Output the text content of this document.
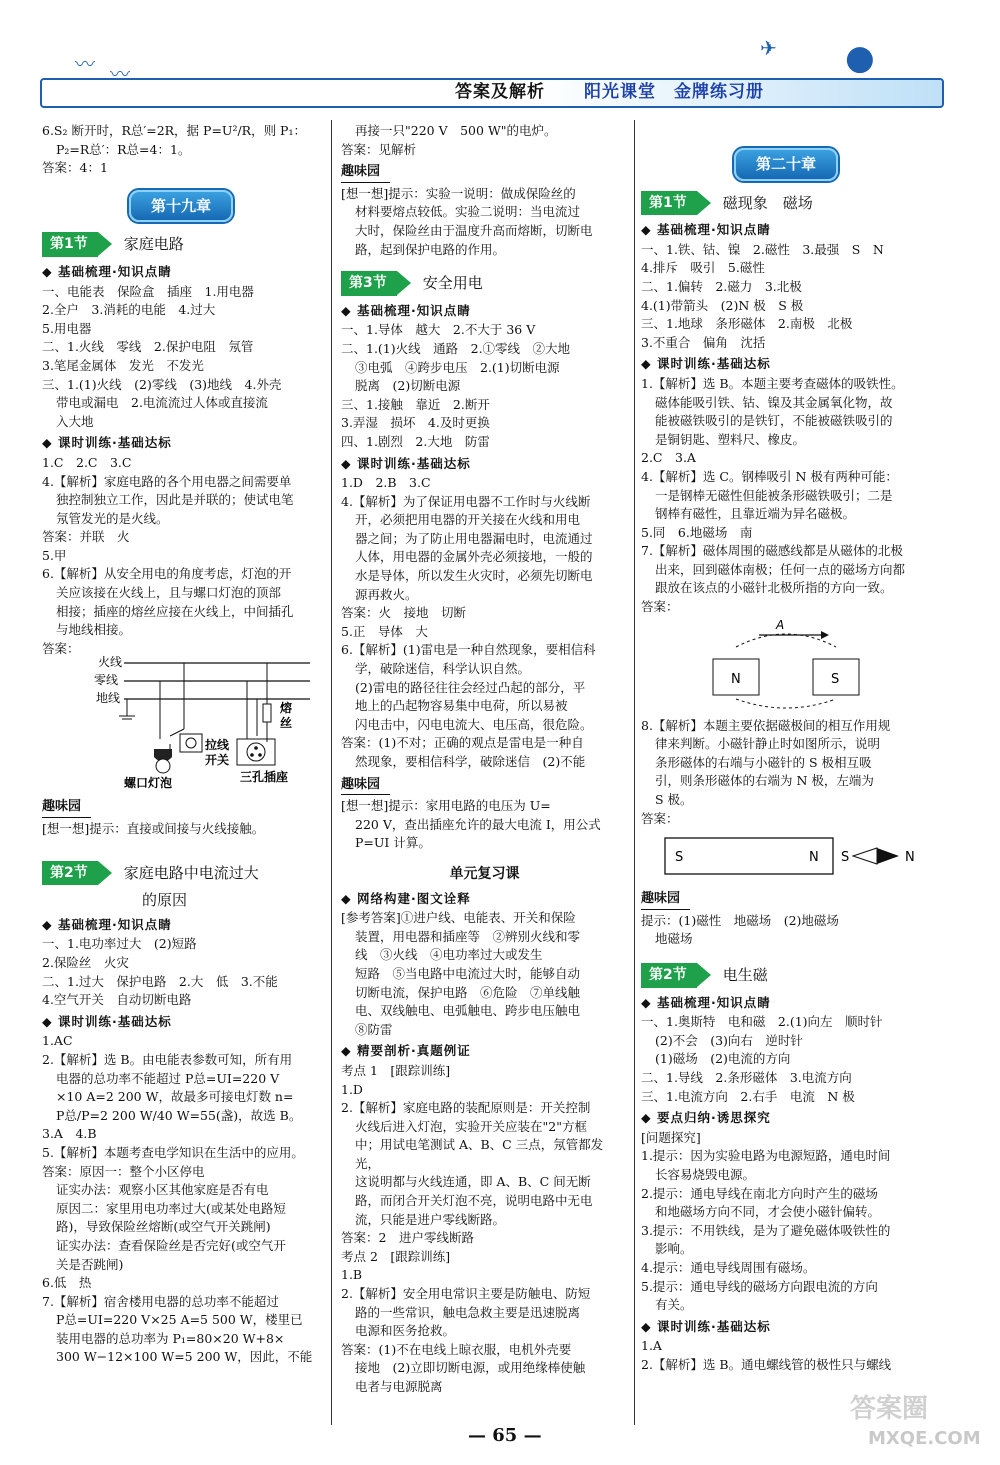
〰 〰
✈ ●
答案及解析 阳光课堂　金牌练习册

6.S₂ 断开时，R总′=2R，据 P=U²/R，则 P₁：

P₂=R总′：R总=4：1。

答案：4：1

第十九章
第1节	家庭电路
◆ 基础梳理·知识点睛

一、电能表　保险盒　插座　1.用电器

2.全户　3.消耗的电能　4.过大

5.用电器

二、1.火线　零线　2.保护电阻　氖管

3.笔尾金属体　发光　不发光

三、1.(1)火线　(2)零线　(3)地线　4.外壳

带电或漏电　2.电流流过人体或直接流

入大地

◆ 课时训练·基础达标

1.C　2.C　3.C

4.【解析】家庭电路的各个用电器之间需要单

独控制独立工作，因此是并联的；使试电笔

氖管发光的是火线。

答案：并联　火

5.甲

6.【解析】从安全用电的角度考虑，灯泡的开

关应该接在火线上，且与螺口灯泡的顶部

相接；插座的熔丝应接在火线上，中间插孔

与地线相接。

答案：

火线
零线
地线
拉线
开关
熔
丝
螺口灯泡	三孔插座
趣味园

[想一想]提示：直接或间接与火线接触。

第2节	家庭电路中电流过大
的原因
◆ 基础梳理·知识点睛

一、1.电功率过大　(2)短路

2.保险丝　火灾

二、1.过大　保护电路　2.大　低　3.不能

4.空气开关　自动切断电路

◆ 课时训练·基础达标

1.AC

2.【解析】选 B。由电能表参数可知，所有用

电器的总功率不能超过 P总=UI=220 V

×10 A=2 200 W，故最多可接电灯数 n=

P总/P=2 200 W/40 W=55(盏)，故选 B。

3.A　4.B

5.【解析】本题考查电学知识在生活中的应用。

答案：原因一：整个小区停电

证实办法：观察小区其他家庭是否有电

原因二：家里用电功率过大(或某处电路短

路)，导致保险丝熔断(或空气开关跳闸)

证实办法：查看保险丝是否完好(或空气开

关是否跳闸)

6.低　热

7.【解析】宿舍楼用电器的总功率不能超过

P总=UI=220 V×25 A=5 500 W，楼里已

装用电器的总功率为 P₁=80×20 W+8×

300 W−12×100 W=5 200 W，因此，不能

再接一只"220 V　500 W"的电炉。

答案：见解析

趣味园

[想一想]提示：实验一说明：做成保险丝的

材料要熔点较低。实验二说明：当电流过

大时，保险丝由于温度升高而熔断，切断电

路，起到保护电路的作用。

第3节	安全用电
◆ 基础梳理·知识点睛

一、1.导体　越大　2.不大于 36 V

二、1.(1)火线　通路　2.①零线　②大地

③电弧　④跨步电压　2.(1)切断电源

脱离　(2)切断电源

三、1.接触　靠近　2.断开

3.弄湿　损坏　4.及时更换

四、1.剧烈　2.大地　防雷

◆ 课时训练·基础达标

1.D　2.B　3.C

4.【解析】为了保证用电器不工作时与火线断

开，必须把用电器的开关接在火线和用电

器之间；为了防止用电器漏电时，电流通过

人体，用电器的金属外壳必须接地，一般的

水是导体，所以发生火灾时，必须先切断电

源再救火。

答案：火　接地　切断

5.正　导体　大

6.【解析】(1)雷电是一种自然现象，要相信科

学，破除迷信，科学认识自然。

(2)雷电的路径往往会经过凸起的部分，平

地上的凸起物容易集中电荷，所以易被

闪电击中，闪电电流大、电压高，很危险。

答案：(1)不对；正确的观点是雷电是一种自

然现象，要相信科学，破除迷信　(2)不能

趣味园

[想一想]提示：家用电路的电压为 U=

220 V，查出插座允许的最大电流 I，用公式

P=UI 计算。

单元复习课
◆ 网络构建·图文诠释

[参考答案]①进户线、电能表、开关和保险

装置，用电器和插座等　②辨别火线和零

线　③火线　④电功率过大或发生

短路　⑤当电路中电流过大时，能够自动

切断电流，保护电路　⑥危险　⑦单线触

电、双线触电、电弧触电、跨步电压触电

⑧防雷

◆ 精要剖析·真题例证

考点 1　[跟踪训练]

1.D

2.【解析】家庭电路的装配原则是：开关控制

火线后进入灯泡，实验开关应装在"2"方框

中；用试电笔测试 A、B、C 三点，氖管都发光，

这说明都与火线连通，即 A、B、C 间无断

路，而闭合开关灯泡不亮，说明电路中无电

流，只能是进户零线断路。

答案：2　进户零线断路

考点 2　[跟踪训练]

1.B

2.【解析】安全用电常识主要是防触电、防短

路的一些常识，触电急救主要是迅速脱离

电源和医务抢救。

答案：(1)不在电线上晾衣服，电机外壳要

接地　(2)立即切断电源，或用绝缘棒使触

电者与电源脱离

第二十章
第1节	磁现象　磁场
◆ 基础梳理·知识点睛

一、1.铁、钴、镍　2.磁性　3.最强　S　N

4.排斥　吸引　5.磁性

二、1.偏转　2.磁力　3.北极

4.(1)带箭头　(2)N 极　S 极

三、1.地球　条形磁体　2.南极　北极

3.不重合　偏角　沈括

◆ 课时训练·基础达标

1.【解析】选 B。本题主要考查磁体的吸铁性。

磁体能吸引铁、钴、镍及其金属氧化物，故

能被磁铁吸引的是铁钉，不能被磁铁吸引的

是铜钥匙、塑料尺、橡皮。

2.C　3.A

4.【解析】选 C。钢棒吸引 N 极有两种可能：

一是钢棒无磁性但能被条形磁铁吸引；二是

钢棒有磁性，且靠近端为异名磁极。

5.同　6.地磁场　南

7.【解析】磁体周围的磁感线都是从磁体的北极

出来，回到磁体南极；任何一点的磁场方向都

跟放在该点的小磁针北极所指的方向一致。

答案：

A
N	S

8.【解析】本题主要依据磁极间的相互作用规

律来判断。小磁针静止时如图所示，说明

条形磁体的右端与小磁针的 S 极相互吸

引，则条形磁体的右端为 N 极，左端为

S 极。

答案：

S	N S	N
趣味园

提示：(1)磁性　地磁场　(2)地磁场

地磁场

第2节	电生磁
◆ 基础梳理·知识点睛

一、1.奥斯特　电和磁　2.(1)向左　顺时针

(2)不会　(3)向右　逆时针

(1)磁场　(2)电流的方向

二、1.导线　2.条形磁体　3.电流方向

三、1.电流方向　2.右手　电流　N 极

◆ 要点归纳·诱思探究

[问题探究]

1.提示：因为实验电路为电源短路，通电时间

长容易烧毁电源。

2.提示：通电导线在南北方向时产生的磁场

和地磁场方向不同，才会使小磁针偏转。

3.提示：不用铁线，是为了避免磁体吸铁性的

影响。

4.提示：通电导线周围有磁场。

5.提示：通电导线的磁场方向跟电流的方向

有关。

◆ 课时训练·基础达标

1.A

2.【解析】选 B。通电螺线管的极性只与螺线

— 65 —
答案圈
MXQE.COM
